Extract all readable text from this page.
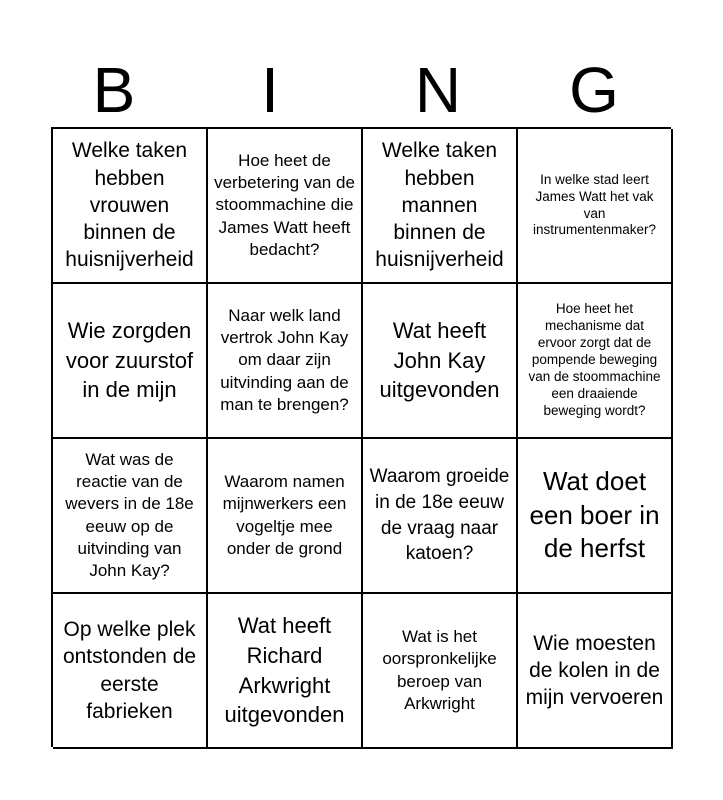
B	I	N	G
Welke taken hebben vrouwen binnen de huisnijverheid
Hoe heet de verbetering van de stoommachine die James Watt heeft bedacht?
Welke taken hebben mannen binnen de huisnijverheid
In welke stad leert James Watt het vak van instrumentenmaker?
Wie zorgden voor zuurstof in de mijn
Naar welk land vertrok John Kay om daar zijn uitvinding aan de man te brengen?
Wat heeft John Kay uitgevonden
Hoe heet het mechanisme dat ervoor zorgt dat de pompende beweging van de stoommachine een draaiende beweging wordt?
Wat was de reactie van de wevers in de 18e eeuw op de uitvinding van John Kay?
Waarom namen mijnwerkers een vogeltje mee onder de grond
Waarom groeide in de 18e eeuw de vraag naar katoen?
Wat doet een boer in de herfst
Op welke plek ontstonden de eerste fabrieken
Wat heeft Richard Arkwright uitgevonden
Wat is het oorspronkelijke beroep van Arkwright
Wie moesten de kolen in de mijn vervoeren
